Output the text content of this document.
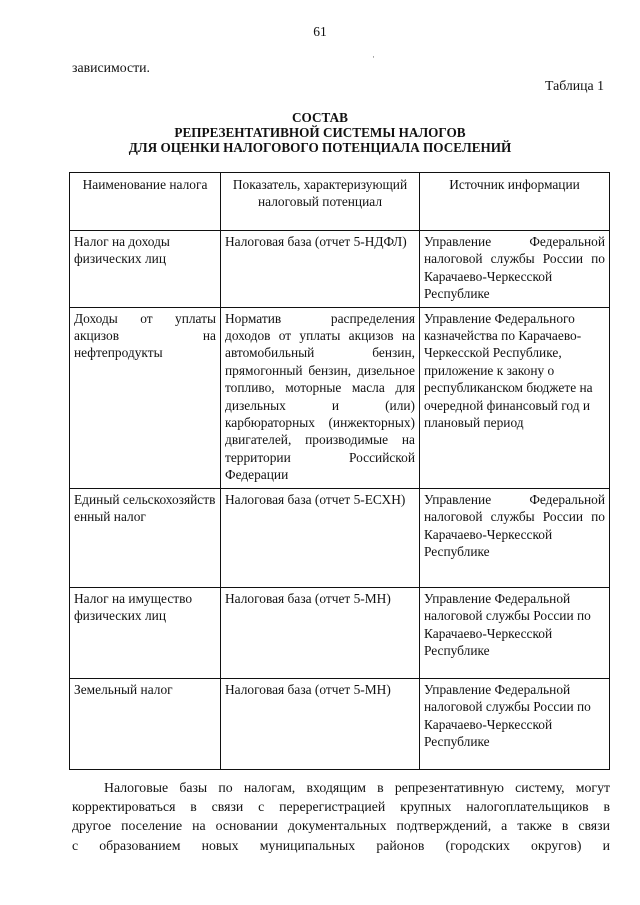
61
·
зависимости.
Таблица 1
СОСТАВ
РЕПРЕЗЕНТАТИВНОЙ СИСТЕМЫ НАЛОГОВ
ДЛЯ ОЦЕНКИ НАЛОГОВОГО ПОТЕНЦИАЛА ПОСЕЛЕНИЙ
Наименование налога	Показатель, характеризующий налоговый потенциал	Источник информации
Налог на доходы физических лиц	Налоговая база (отчет 5-НДФЛ)	Управление Федеральной налоговой службы России по Карачаево-Черкесской Республике
Доходы от уплаты акцизов на нефтепродукты	Норматив распределения доходов от уплаты акцизов на автомобильный бензин, прямогонный бензин, дизельное топливо, моторные масла для дизельных и (или) карбюраторных (инжекторных) двигателей, производимые на территории Российской Федерации	Управление Федерального казначейства по Карачаево-Черкесской Республике, приложение к закону о республиканском бюджете на очередной финансовый год и плановый период
Единый сельскохозяйственный налог	Налоговая база (отчет 5-ЕСХН)	Управление Федеральной налоговой службы России по Карачаево-Черкесской Республике
Налог на имущество физических лиц	Налоговая база (отчет 5-МН)	Управление Федеральной налоговой службы России по Карачаево-Черкесской Республике
Земельный налог	Налоговая база (отчет 5-МН)	Управление Федеральной налоговой службы России по Карачаево-Черкесской Республике
Налоговые базы по налогам, входящим в репрезентативную систему, могут
корректироваться в связи с перерегистрацией крупных налогоплательщиков в
другое поселение на основании документальных подтверждений, а также в связи
с образованием новых муниципальных районов (городских округов) и
